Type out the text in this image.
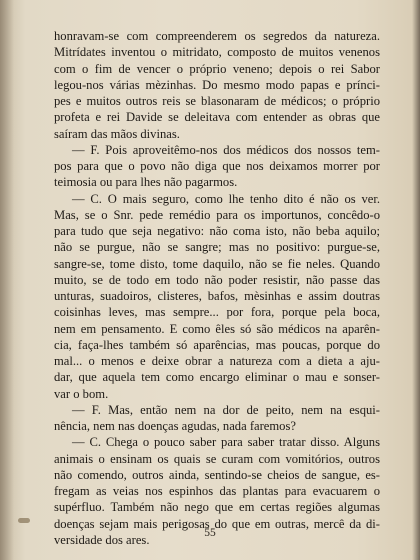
honravam-se com compreenderem os segredos da natureza.
Mitrídates inventou o mitridato, composto de muitos venenos
com o fim de vencer o próprio veneno; depois o rei Sabor
legou-nos várias mèzinhas. Do mesmo modo papas e prínci-
pes e muitos outros reis se blasonaram de médicos; o próprio
profeta e rei Davide se deleitava com entender as obras que
saíram das mãos divinas.
— F. Pois aproveitêmo-nos dos médicos dos nossos tem-
pos para que o povo não diga que nos deixamos morrer por
teimosia ou para lhes não pagarmos.
— C. O mais seguro, como lhe tenho dito é não os ver.
Mas, se o Snr. pede remédio para os importunos, concêdo-o
para tudo que seja negativo: não coma isto, não beba aquilo;
não se purgue, não se sangre; mas no positivo: purgue-se,
sangre-se, tome disto, tome daquilo, não se fie neles. Quando
muito, se de todo em todo não poder resistir, não passe das
unturas, suadoiros, clisteres, bafos, mèsinhas e assim doutras
coisinhas leves, mas sempre... por fora, porque pela boca,
nem em pensamento. E como êles só são médicos na aparên-
cia, faça-lhes também só aparências, mas poucas, porque do
mal... o menos e deixe obrar a natureza com a dieta a aju-
dar, que aquela tem como encargo eliminar o mau e sonser-
var o bom.
— F. Mas, então nem na dor de peito, nem na esqui-
nência, nem nas doenças agudas, nada faremos?
— C. Chega o pouco saber para saber tratar disso. Alguns
animais o ensinam os quais se curam com vomitórios, outros
não comendo, outros ainda, sentindo-se cheios de sangue, es-
fregam as veias nos espinhos das plantas para evacuarem o
supérfluo. Também não nego que em certas regiões algumas
doenças sejam mais perigosas do que em outras, mercê da di-
versidade dos ares.	55
